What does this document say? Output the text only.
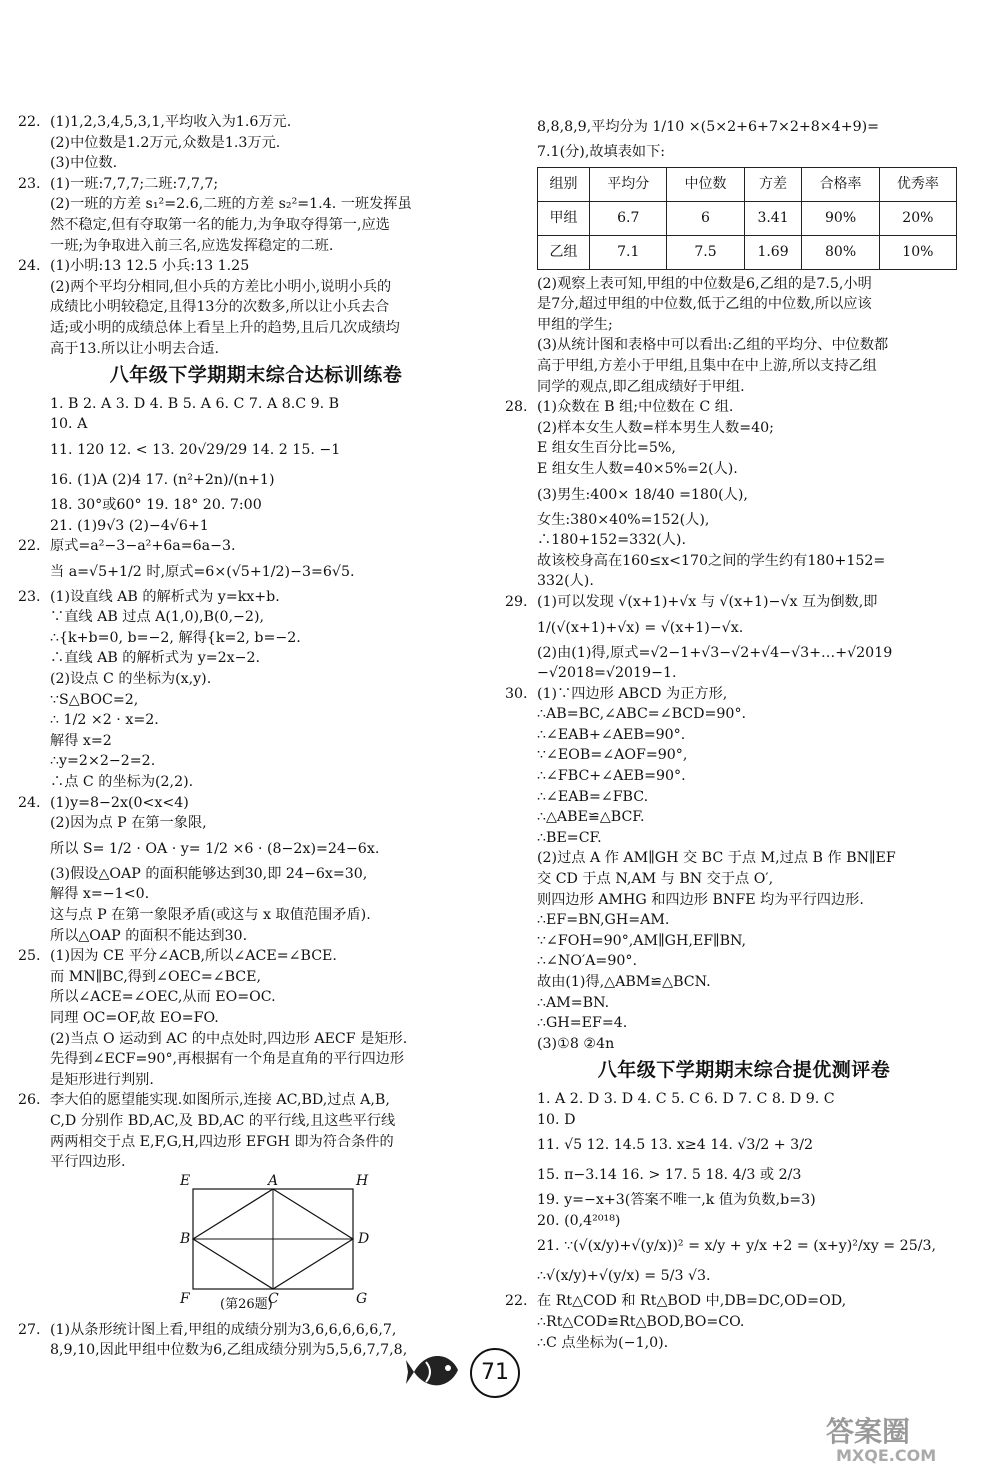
22. (1)1,2,3,4,5,3,1,平均收入为1.6万元.
(2)中位数是1.2万元,众数是1.3万元.
(3)中位数.
23. (1)一班:7,7,7;二班:7,7,7;
(2)一班的方差 s₁²=2.6,二班的方差 s₂²=1.4. 一班发挥虽
然不稳定,但有夺取第一名的能力,为争取夺得第一,应选
一班;为争取进入前三名,应选发挥稳定的二班.
24. (1)小明:13 12.5 小兵:13 1.25
(2)两个平均分相同,但小兵的方差比小明小,说明小兵的
成绩比小明较稳定,且得13分的次数多,所以让小兵去合
适;或小明的成绩总体上看呈上升的趋势,且后几次成绩均
高于13.所以让小明去合适.
八年级下学期期末综合达标训练卷
1. B 2. A 3. D 4. B 5. A 6. C 7. A 8.C 9. B
10. A
11. 120 12. < 13. 20√29/29 14. 2 15. −1
16. (1)A (2)4 17. (n²+2n)/(n+1)
18. 30°或60° 19. 18° 20. 7:00
21. (1)9√3 (2)−4√6+1
22. 原式=a²−3−a²+6a=6a−3.
当 a=√5+1/2 时,原式=6×(√5+1/2)−3=6√5.
23. (1)设直线 AB 的解析式为 y=kx+b.
∵直线 AB 过点 A(1,0),B(0,−2),
∴{k+b=0, b=−2, 解得{k=2, b=−2.
∴直线 AB 的解析式为 y=2x−2.
(2)设点 C 的坐标为(x,y).
∵S△BOC=2,
∴ 1/2 ×2 · x=2.
解得 x=2
∴y=2×2−2=2.
∴点 C 的坐标为(2,2).
24. (1)y=8−2x(0<x<4)
(2)因为点 P 在第一象限,
所以 S= 1/2 · OA · y= 1/2 ×6 · (8−2x)=24−6x.
(3)假设△OAP 的面积能够达到30,即 24−6x=30,
解得 x=−1<0.
这与点 P 在第一象限矛盾(或这与 x 取值范围矛盾).
所以△OAP 的面积不能达到30.
25. (1)因为 CE 平分∠ACB,所以∠ACE=∠BCE.
而 MN∥BC,得到∠OEC=∠BCE,
所以∠ACE=∠OEC,从而 EO=OC.
同理 OC=OF,故 EO=FO.
(2)当点 O 运动到 AC 的中点处时,四边形 AECF 是矩形.
先得到∠ECF=90°,再根据有一个角是直角的平行四边形
是矩形进行判别.
26. 李大伯的愿望能实现.如图所示,连接 AC,BD,过点 A,B,
C,D 分别作 BD,AC,及 BD,AC 的平行线,且这些平行线
两两相交于点 E,F,G,H,四边形 EFGH 即为符合条件的
平行四边形.
E	A	H
B	D
F	C	G
(第26题)
27. (1)从条形统计图上看,甲组的成绩分别为3,6,6,6,6,6,7,
8,9,10,因此甲组中位数为6,乙组成绩分别为5,5,6,7,7,8,
8,8,8,9,平均分为 1/10 ×(5×2+6+7×2+8×4+9)=
7.1(分),故填表如下:
组别	平均分	中位数	方差	合格率	优秀率
甲组	6.7	6	3.41	90%	20%
乙组	7.1	7.5	1.69	80%	10%
(2)观察上表可知,甲组的中位数是6,乙组的是7.5,小明
是7分,超过甲组的中位数,低于乙组的中位数,所以应该
甲组的学生;
(3)从统计图和表格中可以看出:乙组的平均分、中位数都
高于甲组,方差小于甲组,且集中在中上游,所以支持乙组
同学的观点,即乙组成绩好于甲组.
28. (1)众数在 B 组;中位数在 C 组.
(2)样本女生人数=样本男生人数=40;
E 组女生百分比=5%,
E 组女生人数=40×5%=2(人).
(3)男生:400× 18/40 =180(人),
女生:380×40%=152(人),
∴180+152=332(人).
故该校身高在160≤x<170之间的学生约有180+152=
332(人).
29. (1)可以发现 √(x+1)+√x 与 √(x+1)−√x 互为倒数,即
1/(√(x+1)+√x) = √(x+1)−√x.
(2)由(1)得,原式=√2−1+√3−√2+√4−√3+…+√2019
−√2018=√2019−1.
30. (1)∵四边形 ABCD 为正方形,
∴AB=BC,∠ABC=∠BCD=90°.
∴∠EAB+∠AEB=90°.
∵∠EOB=∠AOF=90°,
∴∠FBC+∠AEB=90°.
∴∠EAB=∠FBC.
∴△ABE≌△BCF.
∴BE=CF.
(2)过点 A 作 AM∥GH 交 BC 于点 M,过点 B 作 BN∥EF
交 CD 于点 N,AM 与 BN 交于点 O′,
则四边形 AMHG 和四边形 BNFE 均为平行四边形.
∴EF=BN,GH=AM.
∵∠FOH=90°,AM∥GH,EF∥BN,
∴∠NO′A=90°.
故由(1)得,△ABM≌△BCN.
∴AM=BN.
∴GH=EF=4.
(3)①8 ②4n
八年级下学期期末综合提优测评卷
1. A 2. D 3. D 4. C 5. C 6. D 7. C 8. D 9. C
10. D
11. √5 12. 14.5 13. x≥4 14. √3/2 + 3/2
15. π−3.14 16. > 17. 5 18. 4/3 或 2/3
19. y=−x+3(答案不唯一,k 值为负数,b=3)
20. (0,4²⁰¹⁸)
21. ∵(√(x/y)+√(y/x))² = x/y + y/x +2 = (x+y)²/xy = 25/3,
∴√(x/y)+√(y/x) = 5/3 √3.
22. 在 Rt△COD 和 Rt△BOD 中,DB=DC,OD=OD,
∴Rt△COD≌Rt△BOD,BO=CO.
∴C 点坐标为(−1,0).
71
答案圈
MXQE.COM
